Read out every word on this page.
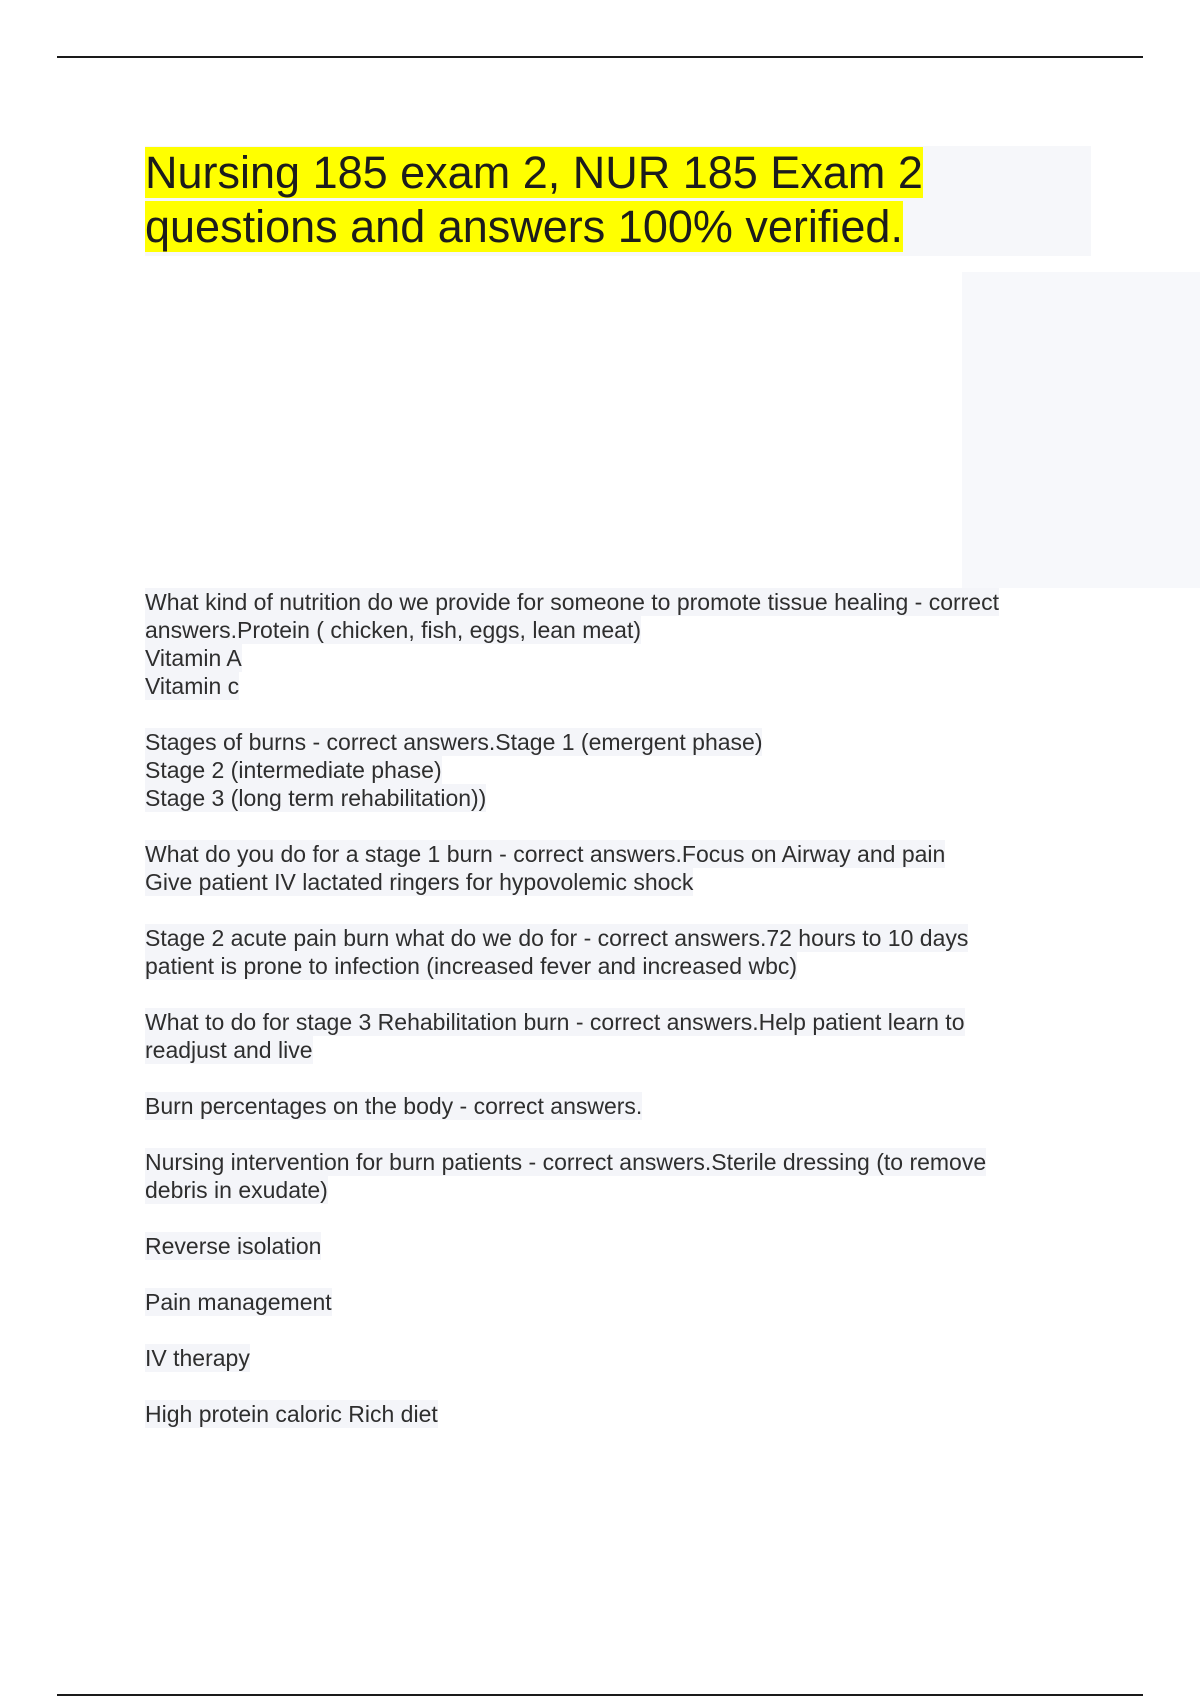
Nursing 185 exam 2, NUR 185 Exam 2
questions and answers 100% verified.

What kind of nutrition do we provide for someone to promote tissue healing - correct
answers.Protein ( chicken, fish, eggs, lean meat)
Vitamin A
Vitamin c

Stages of burns - correct answers.Stage 1 (emergent phase)
Stage 2 (intermediate phase)
Stage 3 (long term rehabilitation))

What do you do for a stage 1 burn - correct answers.Focus on Airway and pain
Give patient IV lactated ringers for hypovolemic shock

Stage 2 acute pain burn what do we do for - correct answers.72 hours to 10 days
patient is prone to infection (increased fever and increased wbc)

What to do for stage 3 Rehabilitation burn - correct answers.Help patient learn to
readjust and live

Burn percentages on the body - correct answers.

Nursing intervention for burn patients - correct answers.Sterile dressing (to remove
debris in exudate)

Reverse isolation

Pain management

IV therapy

High protein caloric Rich diet
